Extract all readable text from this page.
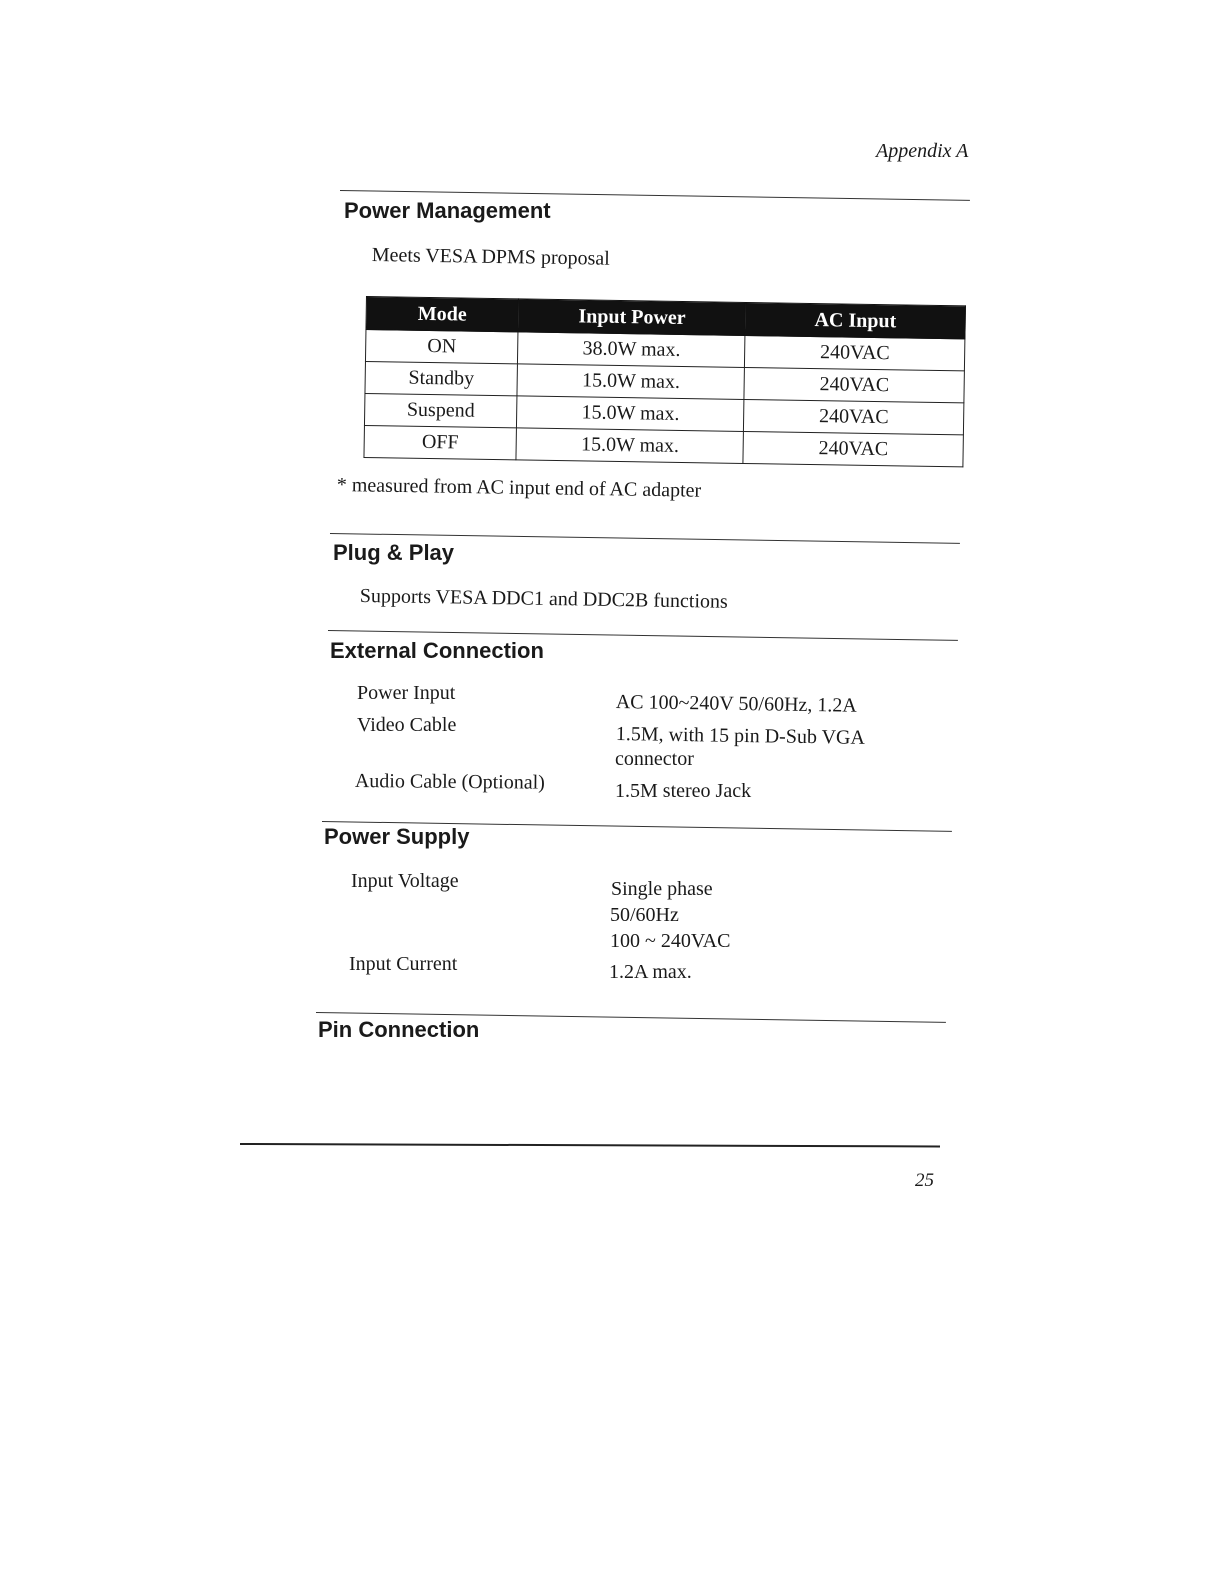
Appendix A
Power Management
Meets VESA DPMS proposal
Mode	Input Power	AC Input
ON	38.0W max.	240VAC
Standby	15.0W max.	240VAC
Suspend	15.0W max.	240VAC
OFF	15.0W max.	240VAC
* measured from AC input end of AC adapter
Plug & Play
Supports VESA DDC1 and DDC2B functions
External Connection
Power Input	AC 100~240V 50/60Hz, 1.2A
Video Cable	1.5M, with 15 pin D-Sub VGA
connector
Audio Cable (Optional)	1.5M stereo Jack
Power Supply
Input Voltage	Single phase
50/60Hz
100 ~ 240VAC
Input Current	1.2A max.
Pin Connection
25
